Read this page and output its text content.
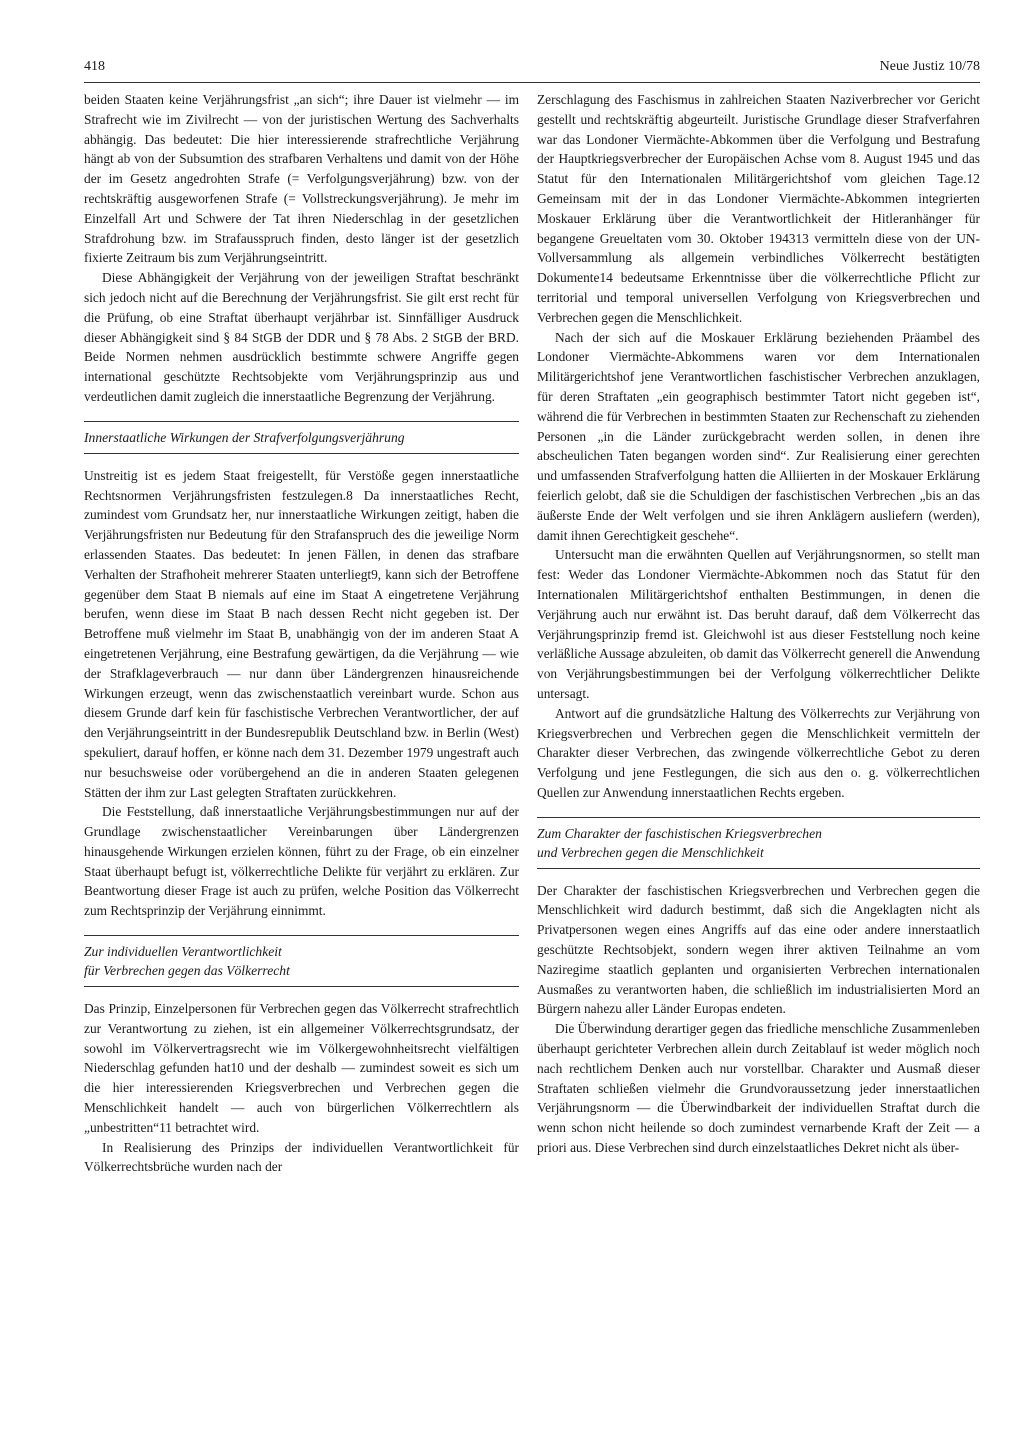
418	Neue Justiz 10/78

beiden Staaten keine Verjährungsfrist „an sich“; ihre Dauer ist vielmehr — im Strafrecht wie im Zivilrecht — von der juristischen Wertung des Sachverhalts abhängig. Das bedeutet: Die hier interessierende strafrechtliche Verjährung hängt ab von der Subsumtion des strafbaren Verhaltens und damit von der Höhe der im Gesetz angedrohten Strafe (= Verfolgungsverjährung) bzw. von der rechtskräftig ausgeworfenen Strafe (= Vollstreckungsverjährung). Je mehr im Einzelfall Art und Schwere der Tat ihren Niederschlag in der gesetzlichen Strafdrohung bzw. im Strafausspruch finden, desto länger ist der gesetzlich fixierte Zeitraum bis zum Verjährungseintritt.

Diese Abhängigkeit der Verjährung von der jeweiligen Straftat beschränkt sich jedoch nicht auf die Berechnung der Verjährungsfrist. Sie gilt erst recht für die Prüfung, ob eine Straftat überhaupt verjährbar ist. Sinnfälliger Ausdruck dieser Abhängigkeit sind § 84 StGB der DDR und § 78 Abs. 2 StGB der BRD. Beide Normen nehmen ausdrücklich bestimmte schwere Angriffe gegen international geschützte Rechtsobjekte vom Verjährungsprinzip aus und verdeutlichen damit zugleich die innerstaatliche Begrenzung der Verjährung.

Innerstaatliche Wirkungen der Strafverfolgungsverjährung

Unstreitig ist es jedem Staat freigestellt, für Verstöße gegen innerstaatliche Rechtsnormen Verjährungsfristen festzulegen.8 Da innerstaatliches Recht, zumindest vom Grundsatz her, nur innerstaatliche Wirkungen zeitigt, haben die Verjährungsfristen nur Bedeutung für den Strafanspruch des die jeweilige Norm erlassenden Staates. Das bedeutet: In jenen Fällen, in denen das strafbare Verhalten der Strafhoheit mehrerer Staaten unterliegt9, kann sich der Betroffene gegenüber dem Staat B niemals auf eine im Staat A eingetretene Verjährung berufen, wenn diese im Staat B nach dessen Recht nicht gegeben ist. Der Betroffene muß vielmehr im Staat B, unabhängig von der im anderen Staat A eingetretenen Verjährung, eine Bestrafung gewärtigen, da die Verjährung — wie der Strafklageverbrauch — nur dann über Ländergrenzen hinausreichende Wirkungen erzeugt, wenn das zwischenstaatlich vereinbart wurde. Schon aus diesem Grunde darf kein für faschistische Verbrechen Verantwortlicher, der auf den Verjährungseintritt in der Bundesrepublik Deutschland bzw. in Berlin (West) spekuliert, darauf hoffen, er könne nach dem 31. Dezember 1979 ungestraft auch nur besuchsweise oder vorübergehend an die in anderen Staaten gelegenen Stätten der ihm zur Last gelegten Straftaten zurückkehren.

Die Feststellung, daß innerstaatliche Verjährungsbestimmungen nur auf der Grundlage zwischenstaatlicher Vereinbarungen über Ländergrenzen hinausgehende Wirkungen erzielen können, führt zu der Frage, ob ein einzelner Staat überhaupt befugt ist, völkerrechtliche Delikte für verjährt zu erklären. Zur Beantwortung dieser Frage ist auch zu prüfen, welche Position das Völkerrecht zum Rechtsprinzip der Verjährung einnimmt.

Zur individuellen Verantwortlichkeit
für Verbrechen gegen das Völkerrecht

Das Prinzip, Einzelpersonen für Verbrechen gegen das Völkerrecht strafrechtlich zur Verantwortung zu ziehen, ist ein allgemeiner Völkerrechtsgrundsatz, der sowohl im Völkervertragsrecht wie im Völkergewohnheitsrecht vielfältigen Niederschlag gefunden hat10 und der deshalb — zumindest soweit es sich um die hier interessierenden Kriegsverbrechen und Verbrechen gegen die Menschlichkeit handelt — auch von bürgerlichen Völkerrechtlern als „unbestritten“11 betrachtet wird.

In Realisierung des Prinzips der individuellen Verantwortlichkeit für Völkerrechtsbrüche wurden nach der

Zerschlagung des Faschismus in zahlreichen Staaten Naziverbrecher vor Gericht gestellt und rechtskräftig abgeurteilt. Juristische Grundlage dieser Strafverfahren war das Londoner Viermächte-Abkommen über die Verfolgung und Bestrafung der Hauptkriegsverbrecher der Europäischen Achse vom 8. August 1945 und das Statut für den Internationalen Militärgerichtshof vom gleichen Tage.12 Gemeinsam mit der in das Londoner Viermächte-Abkommen integrierten Moskauer Erklärung über die Verantwortlichkeit der Hitleranhänger für begangene Greueltaten vom 30. Oktober 194313 vermitteln diese von der UN-Vollversammlung als allgemein verbindliches Völkerrecht bestätigten Dokumente14 bedeutsame Erkenntnisse über die völkerrechtliche Pflicht zur territorial und temporal universellen Verfolgung von Kriegsverbrechen und Verbrechen gegen die Menschlichkeit.

Nach der sich auf die Moskauer Erklärung beziehenden Präambel des Londoner Viermächte-Abkommens waren vor dem Internationalen Militärgerichtshof jene Verantwortlichen faschistischer Verbrechen anzuklagen, für deren Straftaten „ein geographisch bestimmter Tatort nicht gegeben ist“, während die für Verbrechen in bestimmten Staaten zur Rechenschaft zu ziehenden Personen „in die Länder zurückgebracht werden sollen, in denen ihre abscheulichen Taten begangen worden sind“. Zur Realisierung einer gerechten und umfassenden Strafverfolgung hatten die Alliierten in der Moskauer Erklärung feierlich gelobt, daß sie die Schuldigen der faschistischen Verbrechen „bis an das äußerste Ende der Welt verfolgen und sie ihren Anklägern ausliefern (werden), damit ihnen Gerechtigkeit geschehe“.

Untersucht man die erwähnten Quellen auf Verjährungsnormen, so stellt man fest: Weder das Londoner Viermächte-Abkommen noch das Statut für den Internationalen Militärgerichtshof enthalten Bestimmungen, in denen die Verjährung auch nur erwähnt ist. Das beruht darauf, daß dem Völkerrecht das Verjährungsprinzip fremd ist. Gleichwohl ist aus dieser Feststellung noch keine verläßliche Aussage abzuleiten, ob damit das Völkerrecht generell die Anwendung von Verjährungsbestimmungen bei der Verfolgung völkerrechtlicher Delikte untersagt.

Antwort auf die grundsätzliche Haltung des Völkerrechts zur Verjährung von Kriegsverbrechen und Verbrechen gegen die Menschlichkeit vermitteln der Charakter dieser Verbrechen, das zwingende völkerrechtliche Gebot zu deren Verfolgung und jene Festlegungen, die sich aus den o. g. völkerrechtlichen Quellen zur Anwendung innerstaatlichen Rechts ergeben.

Zum Charakter der faschistischen Kriegsverbrechen
und Verbrechen gegen die Menschlichkeit

Der Charakter der faschistischen Kriegsverbrechen und Verbrechen gegen die Menschlichkeit wird dadurch bestimmt, daß sich die Angeklagten nicht als Privatpersonen wegen eines Angriffs auf das eine oder andere innerstaatlich geschützte Rechtsobjekt, sondern wegen ihrer aktiven Teilnahme an vom Naziregime staatlich geplanten und organisierten Verbrechen internationalen Ausmaßes zu verantworten haben, die schließlich im industrialisierten Mord an Bürgern nahezu aller Länder Europas endeten.

Die Überwindung derartiger gegen das friedliche menschliche Zusammenleben überhaupt gerichteter Verbrechen allein durch Zeitablauf ist weder möglich noch nach rechtlichem Denken auch nur vorstellbar. Charakter und Ausmaß dieser Straftaten schließen vielmehr die Grundvoraussetzung jeder innerstaatlichen Verjährungsnorm — die Überwindbarkeit der individuellen Straftat durch die wenn schon nicht heilende so doch zumindest vernarbende Kraft der Zeit — a priori aus. Diese Verbrechen sind durch einzelstaatliches Dekret nicht als über-
